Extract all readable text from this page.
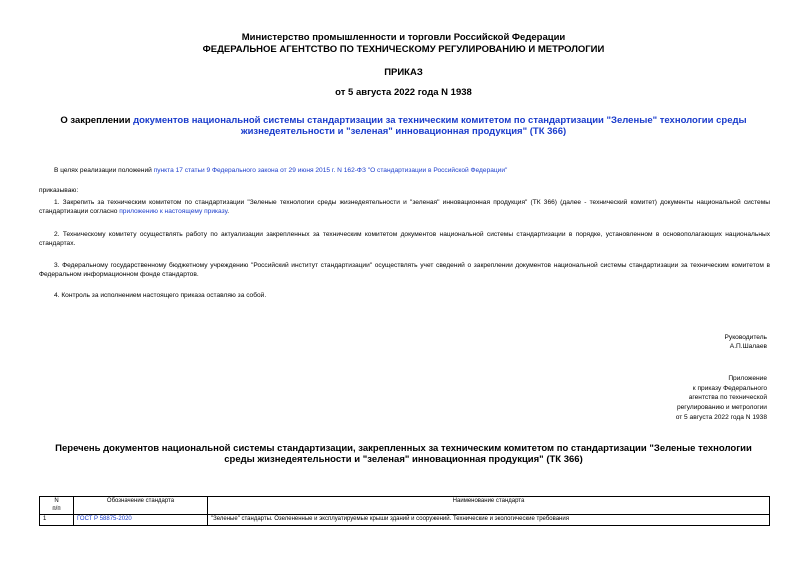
Министерство промышленности и торговли Российской Федерации
ФЕДЕРАЛЬНОЕ АГЕНТСТВО ПО ТЕХНИЧЕСКОМУ РЕГУЛИРОВАНИЮ И МЕТРОЛОГИИ
ПРИКАЗ
от 5 августа 2022 года N 1938
О закреплении документов национальной системы стандартизации за техническим комитетом по стандартизации "Зеленые" технологии среды жизнедеятельности и "зеленая" инновационная продукция" (ТК 366)
В целях реализации положений пункта 17 статьи 9 Федерального закона от 29 июня 2015 г. N 162-ФЗ "О стандартизации в Российской Федерации"
приказываю:
1. Закрепить за техническим комитетом по стандартизации "Зеленые технологии среды жизнедеятельности и "зеленая" инновационная продукция" (ТК 366) (далее - технический комитет) документы национальной системы стандартизации согласно приложению к настоящему приказу.
2. Техническому комитету осуществлять работу по актуализации закрепленных за техническим комитетом документов национальной системы стандартизации в порядке, установленном в основополагающих национальных стандартах.
3. Федеральному государственному бюджетному учреждению "Российский институт стандартизации" осуществлять учет сведений о закреплении документов национальной системы стандартизации за техническим комитетом в Федеральном информационном фонде стандартов.
4. Контроль за исполнением настоящего приказа оставляю за собой.
Руководитель
А.П.Шалаев
Приложение
к приказу Федерального
агентства по технической
регулированию и метрологии
от 5 августа 2022 года N 1938
Перечень документов национальной системы стандартизации, закрепленных за техническим комитетом по стандартизации "Зеленые технологии среды жизнедеятельности и "зеленая" инновационная продукция" (ТК 366)
N
п/п	Обозначение стандарта	Наименование стандарта
1	ГОСТ Р 58875-2020	"Зеленые" стандарты. Озелененные и эксплуатируемые крыши зданий и сооружений. Технические и экологические требования
